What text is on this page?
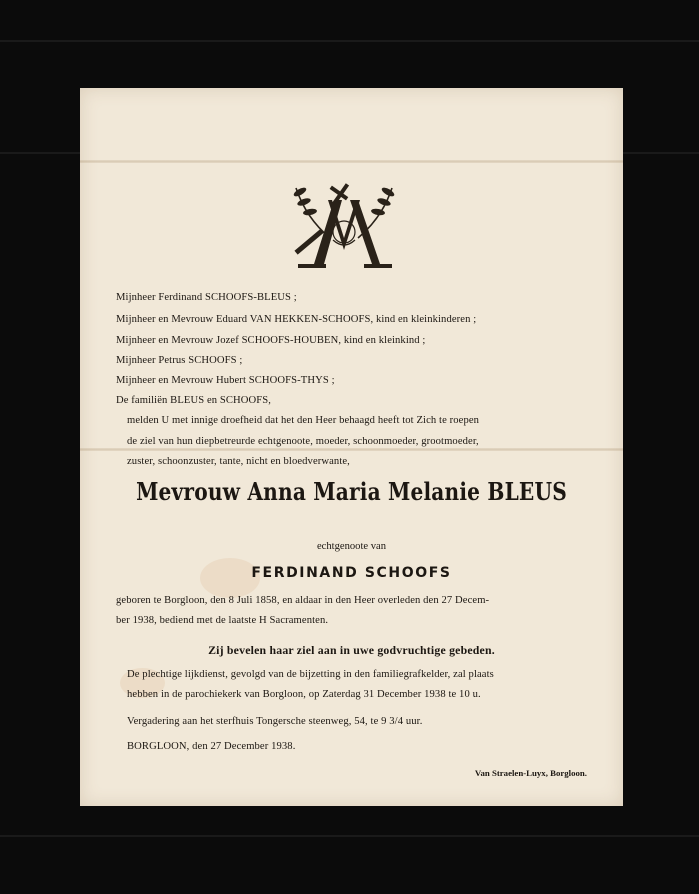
Mijnheer Ferdinand SCHOOFS-BLEUS ;
Mijnheer en Mevrouw Eduard VAN HEKKEN-SCHOOFS, kind en kleinkinderen ;
Mijnheer en Mevrouw Jozef SCHOOFS-HOUBEN, kind en kleinkind ;
Mijnheer Petrus SCHOOFS ;
Mijnheer en Mevrouw Hubert SCHOOFS-THYS ;
De familiën BLEUS en SCHOOFS,
melden U met innige droefheid dat het den Heer behaagd heeft tot Zich te roepen
de ziel van hun diepbetreurde echtgenoote, moeder, schoonmoeder, grootmoeder,
zuster, schoonzuster, tante, nicht en bloedverwante,
Mevrouw Anna Maria Melanie BLEUS
echtgenoote van
FERDINAND SCHOOFS
geboren te Borgloon, den 8 Juli 1858, en aldaar in den Heer overleden den 27 Decem-
ber 1938, bediend met de laatste H Sacramenten.
Zij bevelen haar ziel aan in uwe godvruchtige gebeden.
De plechtige lijkdienst, gevolgd van de bijzetting in den familiegrafkelder, zal plaats
hebben in de parochiekerk van Borgloon, op Zaterdag 31 December 1938 te 10 u.
Vergadering aan het sterfhuis Tongersche steenweg, 54, te 9 3/4 uur.
BORGLOON, den 27 December 1938.
Van Straelen-Luyx, Borgloon.
